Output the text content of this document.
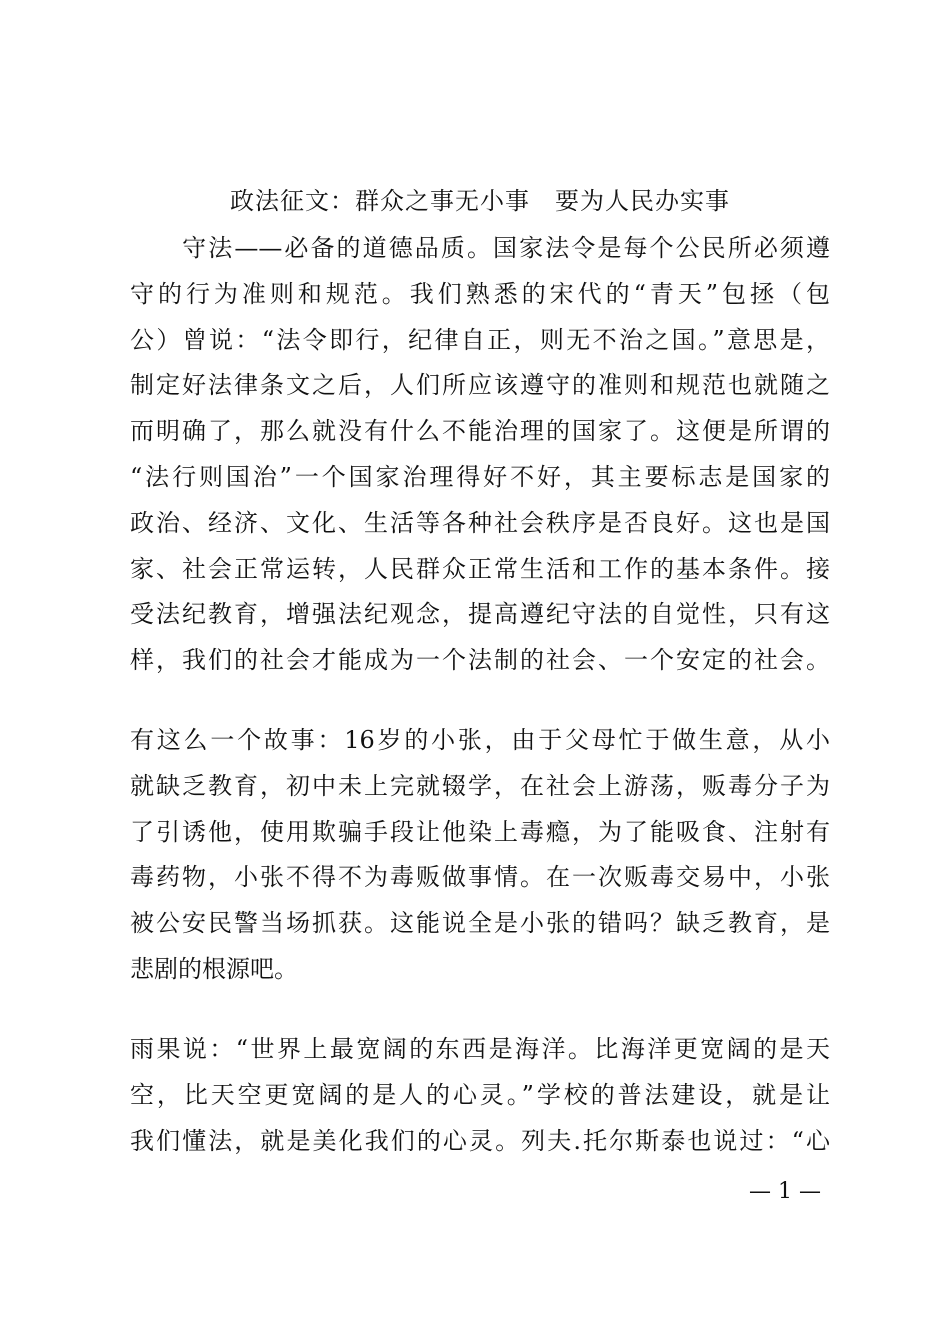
政法征文：群众之事无小事　要为人民办实事
　　守法——必备的道德品质。国家法令是每个公民所必须遵
守的行为准则和规范。我们熟悉的宋代的“青天”包拯（包
公）曾说：“法令即行，纪律自正，则无不治之国。”意思是，
制定好法律条文之后，人们所应该遵守的准则和规范也就随之
而明确了，那么就没有什么不能治理的国家了。这便是所谓的
“法行则国治”一个国家治理得好不好，其主要标志是国家的
政治、经济、文化、生活等各种社会秩序是否良好。这也是国
家、社会正常运转，人民群众正常生活和工作的基本条件。接
受法纪教育，增强法纪观念，提高遵纪守法的自觉性，只有这
样，我们的社会才能成为一个法制的社会、一个安定的社会。
有这么一个故事：16岁的小张，由于父母忙于做生意，从小
就缺乏教育，初中未上完就辍学，在社会上游荡，贩毒分子为
了引诱他，使用欺骗手段让他染上毒瘾，为了能吸食、注射有
毒药物，小张不得不为毒贩做事情。在一次贩毒交易中，小张
被公安民警当场抓获。这能说全是小张的错吗？缺乏教育，是
悲剧的根源吧。
雨果说：“世界上最宽阔的东西是海洋。比海洋更宽阔的是天
空，比天空更宽阔的是人的心灵。”学校的普法建设，就是让
我们懂法，就是美化我们的心灵。列夫.托尔斯泰也说过：“心
— 1 —
